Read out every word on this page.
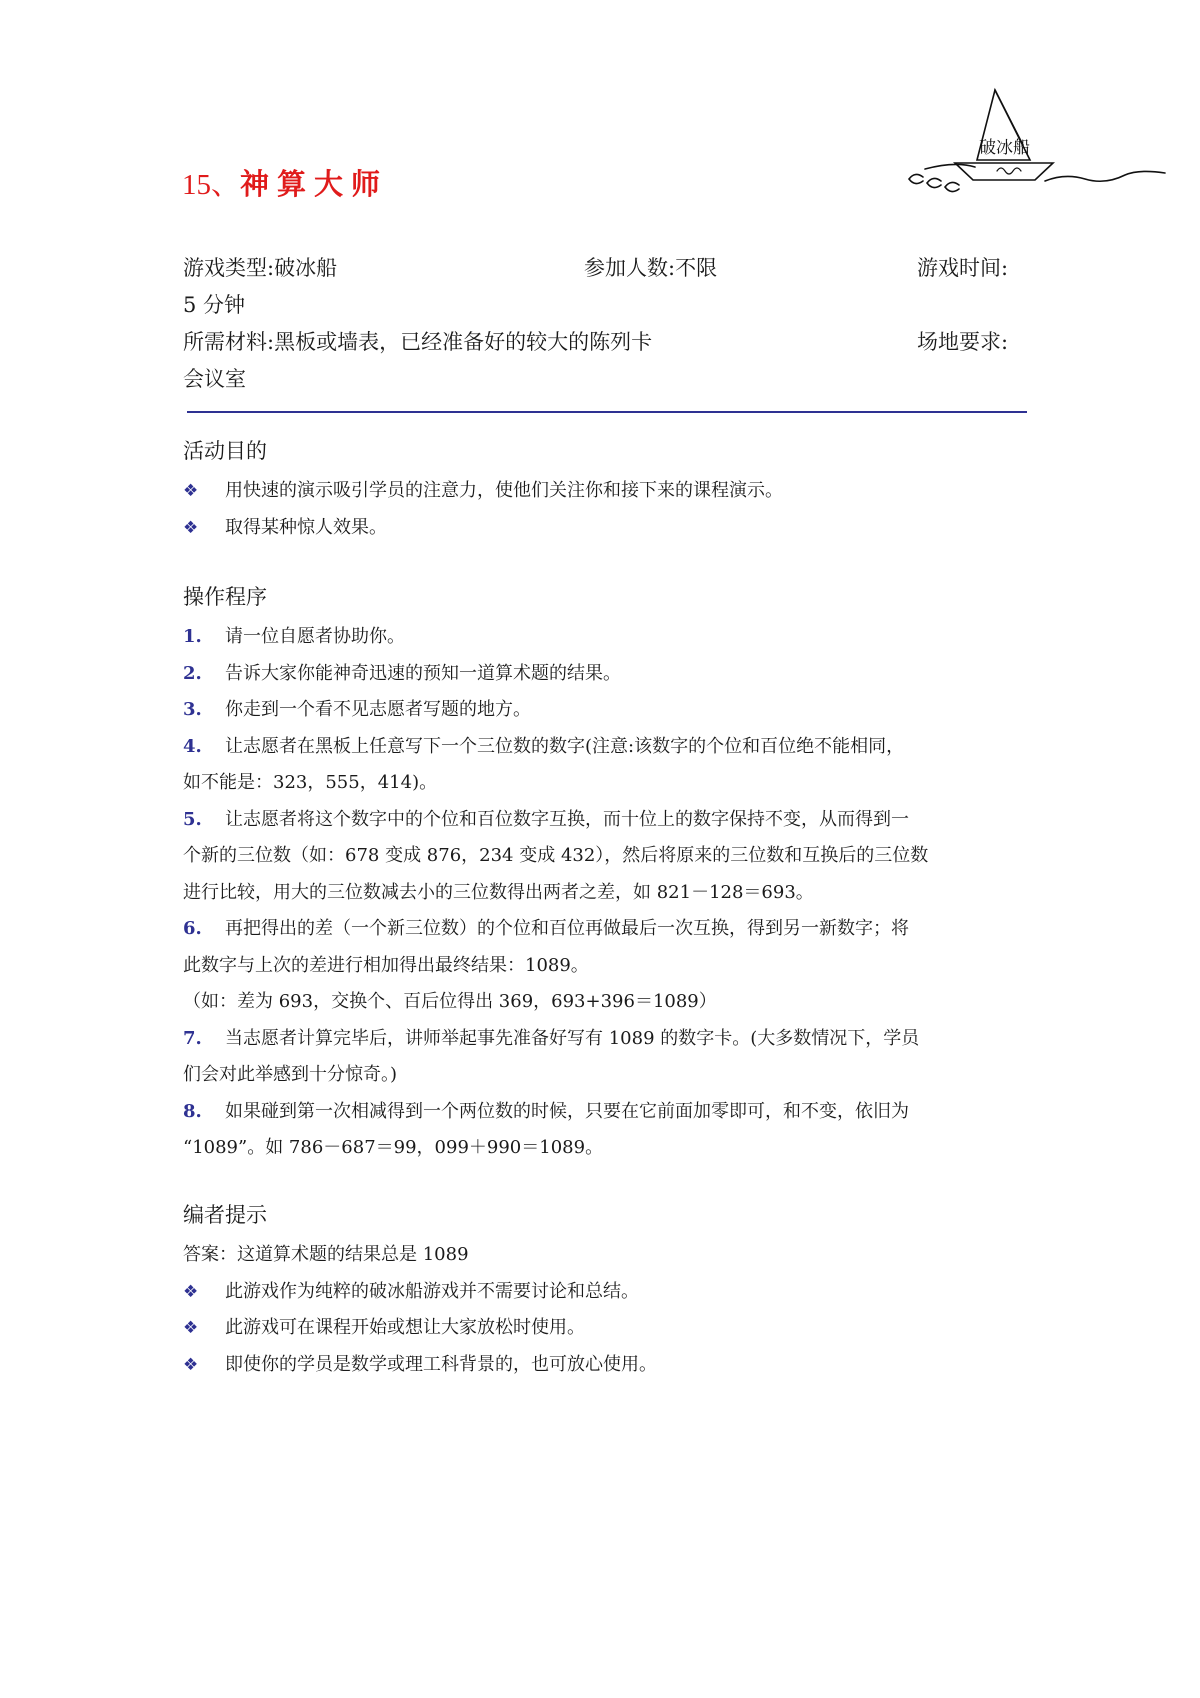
破冰船
15、神算大师
游戏类型:破冰船	参加人数:不限	游戏时间:
5 分钟
所需材料:黑板或墙表，已经准备好的较大的陈列卡	场地要求:
会议室
活动目的
❖ 用快速的演示吸引学员的注意力，使他们关注你和接下来的课程演示。
❖ 取得某种惊人效果。
操作程序
1. 请一位自愿者协助你。
2. 告诉大家你能神奇迅速的预知一道算术题的结果。
3. 你走到一个看不见志愿者写题的地方。
4. 让志愿者在黑板上任意写下一个三位数的数字(注意:该数字的个位和百位绝不能相同，
如不能是：323，555，414)。
5. 让志愿者将这个数字中的个位和百位数字互换，而十位上的数字保持不变，从而得到一
个新的三位数（如：678 变成 876，234 变成 432），然后将原来的三位数和互换后的三位数
进行比较，用大的三位数减去小的三位数得出两者之差，如 821－128＝693。
6. 再把得出的差（一个新三位数）的个位和百位再做最后一次互换，得到另一新数字；将
此数字与上次的差进行相加得出最终结果：1089。
（如：差为 693，交换个、百后位得出 369，693+396＝1089）
7. 当志愿者计算完毕后，讲师举起事先准备好写有 1089 的数字卡。(大多数情况下，学员
们会对此举感到十分惊奇。)
8. 如果碰到第一次相减得到一个两位数的时候，只要在它前面加零即可，和不变，依旧为
“1089”。如 786－687＝99，099＋990＝1089。
编者提示
答案：这道算术题的结果总是 1089
❖ 此游戏作为纯粹的破冰船游戏并不需要讨论和总结。
❖ 此游戏可在课程开始或想让大家放松时使用。
❖ 即使你的学员是数学或理工科背景的，也可放心使用。
